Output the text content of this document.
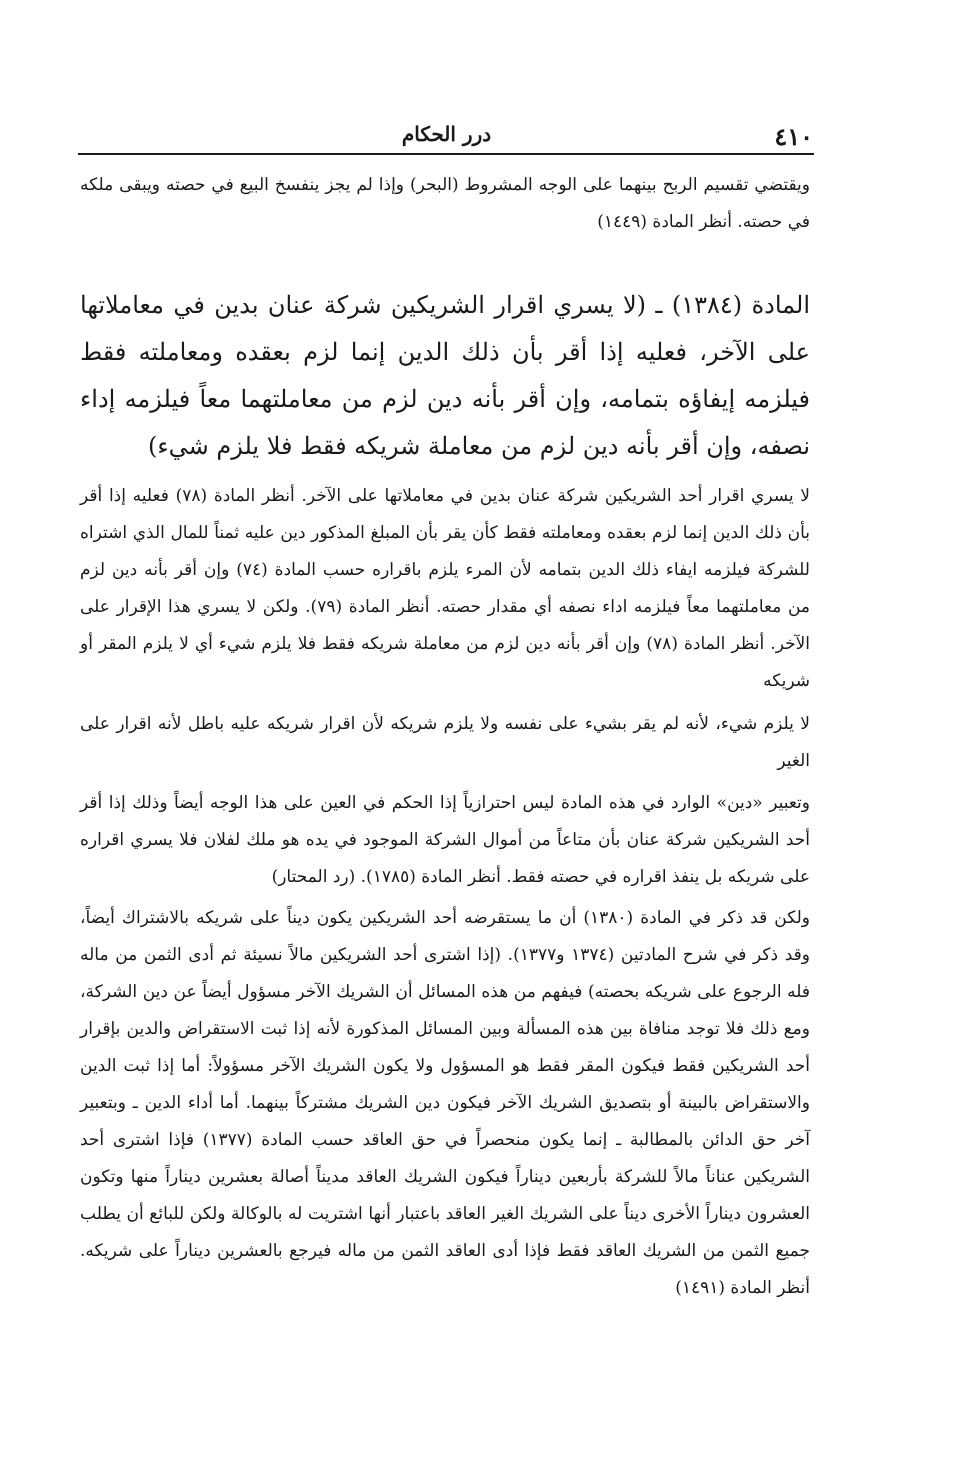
٤١٠
درر الحكام

ويقتضي تقسيم الربح بينهما على الوجه المشروط (البحر) وإذا لم يجز ينفسخ البيع في حصته ويبقى ملكه في حصته. أنظر المادة (١٤٤٩)

المادة (١٣٨٤) ـ (لا يسري اقرار الشريكين شركة عنان بدين في معاملاتها على الآخر، فعليه إذا أقر بأن ذلك الدين إنما لزم بعقده ومعاملته فقط فيلزمه إيفاؤه بتمامه، وإن أقر بأنه دين لزم من معاملتهما معاً فيلزمه إداء نصفه، وإن أقر بأنه دين لزم من معاملة شريكه فقط فلا يلزم شيء)

لا يسري اقرار أحد الشريكين شركة عنان بدين في معاملاتها على الآخر. أنظر المادة (٧٨) فعليه إذا أقر بأن ذلك الدين إنما لزم بعقده ومعاملته فقط كأن يقر بأن المبلغ المذكور دين عليه ثمناً للمال الذي اشتراه للشركة فيلزمه ايفاء ذلك الدين بتمامه لأن المرء يلزم باقراره حسب المادة (٧٤) وإن أقر بأنه دين لزم من معاملتهما معاً فيلزمه اداء نصفه أي مقدار حصته. أنظر المادة (٧٩). ولكن لا يسري هذا الإقرار على الآخر. أنظر المادة (٧٨) وإن أقر بأنه دين لزم من معاملة شريكه فقط فلا يلزم شيء أي لا يلزم المقر أو شريكه

لا يلزم شيء، لأنه لم يقر بشيء على نفسه ولا يلزم شريكه لأن اقرار شريكه عليه باطل لأنه اقرار على الغير

وتعبير «دين» الوارد في هذه المادة ليس احترازياً إذا الحكم في العين على هذا الوجه أيضاً وذلك إذا أقر أحد الشريكين شركة عنان بأن متاعاً من أموال الشركة الموجود في يده هو ملك لفلان فلا يسري اقراره على شريكه بل ينفذ اقراره في حصته فقط. أنظر المادة (١٧٨٥). (رد المحتار)

ولكن قد ذكر في المادة (١٣٨٠) أن ما يستقرضه أحد الشريكين يكون ديناً على شريكه بالاشتراك أيضاً، وقد ذكر في شرح المادتين (١٣٧٤ و١٣٧٧). (إذا اشترى أحد الشريكين مالاً نسيئة ثم أدى الثمن من ماله فله الرجوع على شريكه بحصته) فيفهم من هذه المسائل أن الشريك الآخر مسؤول أيضاً عن دين الشركة، ومع ذلك فلا توجد منافاة بين هذه المسألة وبين المسائل المذكورة لأنه إذا ثبت الاستقراض والدين بإقرار أحد الشريكين فقط فيكون المقر فقط هو المسؤول ولا يكون الشريك الآخر مسؤولاً: أما إذا ثبت الدين والاستقراض بالبينة أو بتصديق الشريك الآخر فيكون دين الشريك مشتركاً بينهما. أما أداء الدين ـ وبتعبير آخر حق الدائن بالمطالبة ـ إنما يكون منحصراً في حق العاقد حسب المادة (١٣٧٧) فإذا اشترى أحد الشريكين عناناً مالاً للشركة بأربعين ديناراً فيكون الشريك العاقد مديناً أصالة بعشرين ديناراً منها وتكون العشرون ديناراً الأخرى ديناً على الشريك الغير العاقد باعتبار أنها اشتريت له بالوكالة ولكن للبائع أن يطلب جميع الثمن من الشريك العاقد فقط فإذا أدى العاقد الثمن من ماله فيرجع بالعشرين ديناراً على شريكه. أنظر المادة (١٤٩١)
